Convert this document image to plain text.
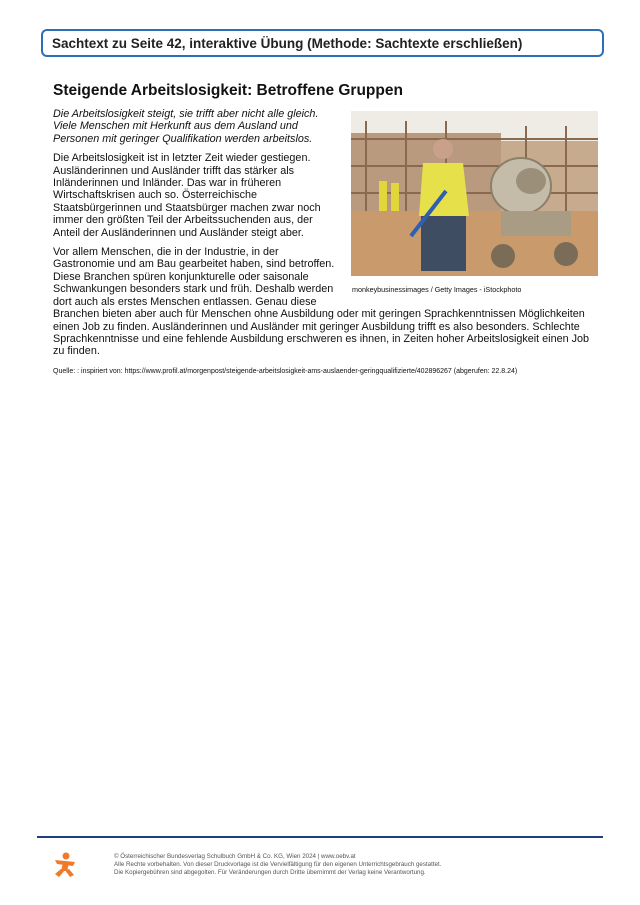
Sachtext zu Seite 42, interaktive Übung (Methode: Sachtexte erschließen)
Steigende Arbeitslosigkeit: Betroffene Gruppen
monkeybusinessimages / Getty Images - iStockphoto

Die Arbeitslosigkeit steigt, sie trifft aber nicht alle gleich. Viele Menschen mit Herkunft aus dem Ausland und Personen mit geringer Qualifikation werden arbeitslos.

Die Arbeitslosigkeit ist in letzter Zeit wieder gestiegen. Ausländerinnen und Ausländer trifft das stärker als Inländerinnen und Inländer. Das war in früheren Wirtschaftskrisen auch so. Österreichische Staatsbürgerinnen und Staatsbürger machen zwar noch immer den größten Teil der Arbeitssuchenden aus, der Anteil der Ausländerinnen und Ausländer steigt aber.

Vor allem Menschen, die in der Industrie, in der Gastronomie und am Bau gearbeitet haben, sind betroffen. Diese Branchen spüren konjunkturelle oder saisonale Schwankungen besonders stark und früh. Deshalb werden dort auch als erstes Menschen entlassen. Genau diese Branchen bieten aber auch für Menschen ohne Ausbildung oder mit geringen Sprachkenntnissen Möglichkeiten einen Job zu finden. Ausländerinnen und Ausländer mit geringer Ausbildung trifft es also besonders. Schlechte Sprachkenntnisse und eine fehlende Ausbildung erschweren es ihnen, in Zeiten hoher Arbeitslosigkeit einen Job zu finden.

Quelle: : inspiriert von: https://www.profil.at/morgenpost/steigende-arbeitslosigkeit-ams-auslaender-geringqualifizierte/402896267 (abgerufen: 22.8.24)
© Österreichischer Bundesverlag Schulbuch GmbH & Co. KG, Wien 2024 | www.oebv.at
Alle Rechte vorbehalten. Von dieser Druckvorlage ist die Vervielfältigung für den eigenen Unterrichtsgebrauch gestattet.
Die Kopiergebühren sind abgegolten. Für Veränderungen durch Dritte übernimmt der Verlag keine Verantwortung.
